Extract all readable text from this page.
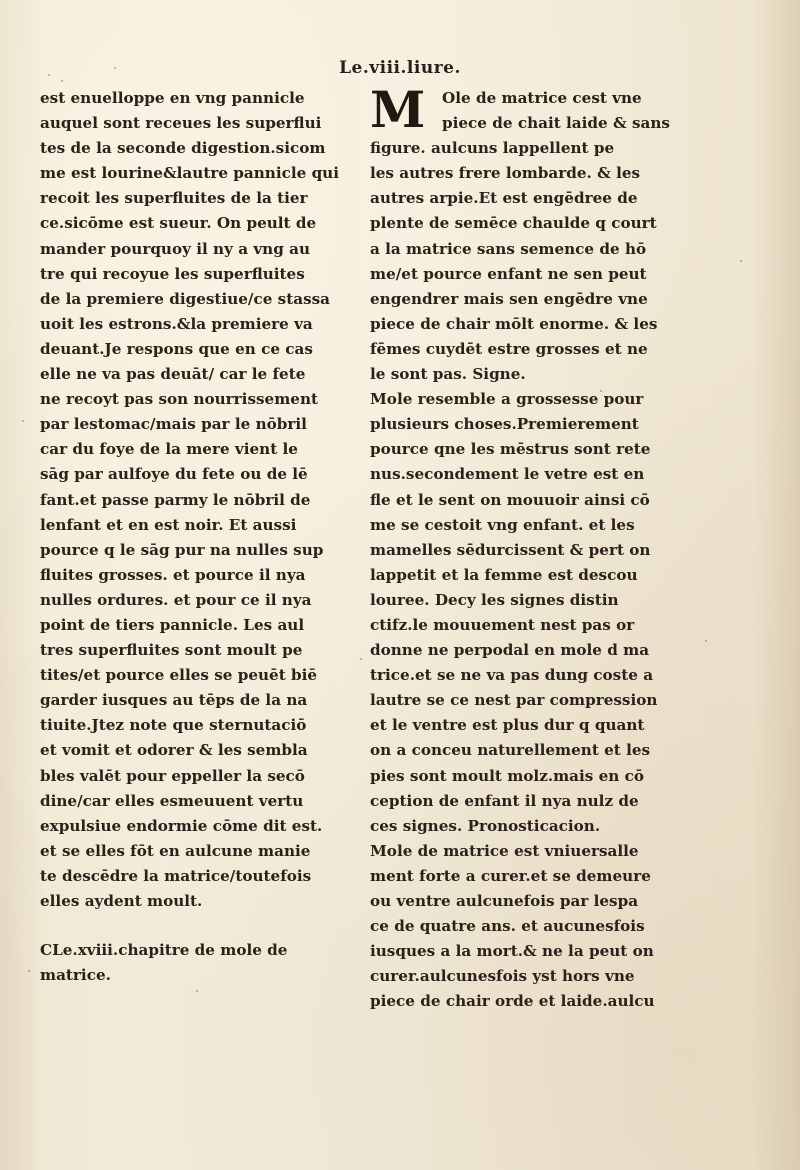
Le.viii.liure.
est enuelloppe en vng pannicle
auquel sont receues les superflui
tes de la seconde digestion.sicom
me est lourine&lautre pannicle qui
recoit les superfluites de la tier
ce.sicōme est sueur. On peult de
mander pourquoy il ny a vng au
tre qui recoyue les superfluites
de la premiere digestiue/ce stassa
uoit les estrons.&la premiere va
deuant.Je respons que en ce cas
elle ne va pas deuāt/ car le fete
ne recoyt pas son nourrissement
par lestomac/mais par le nōbril
car du foye de la mere vient le
sāg par aulfoye du fete ou de lē
fant.et passe parmy le nōbril de
lenfant et en est noir. Et aussi
pource q le sāg pur na nulles sup
fluites grosses. et pource il nya
nulles ordures. et pour ce il nya
point de tiers pannicle. Les aul
tres superfluites sont moult pe
tites/et pource elles se peuēt biē
garder iusques au tēps de la na
tiuite.Jtez note que sternutaciō
et vomit et odorer & les sembla
bles valēt pour eppeller la secō
dine/car elles esmeuuent vertu
expulsiue endormie cōme dit est.
et se elles fōt en aulcune manie
te descēdre la matrice/toutefois
elles aydent moult.
CLe.xviii.chapitre de mole de
matrice.
M	Ole de matrice cest vne
piece de chait laide & sans
figure. aulcuns lappellent pe
les autres frere lombarde. & les
autres arpie.Et est engēdree de
plente de semēce chaulde q court
a la matrice sans semence de hō
me/et pource enfant ne sen peut
engendrer mais sen engēdre vne
piece de chair mōlt enorme. & les
fēmes cuydēt estre grosses et ne
le sont pas. Signe.
Mole resemble a grossesse pour
plusieurs choses.Premierement
pource qne les mēstrus sont rete
nus.secondement le vetre est en
fle et le sent on mouuoir ainsi cō
me se cestoit vng enfant. et les
mamelles sēdurcissent & pert on
lappetit et la femme est descou
louree. Decy les signes distin
ctifz.le mouuement nest pas or
donne ne perpodal en mole d ma
trice.et se ne va pas dung coste a
lautre se ce nest par compression
et le ventre est plus dur q quant
on a conceu naturellement et les
pies sont moult molz.mais en cō
ception de enfant il nya nulz de
ces signes. Pronosticacion.
Mole de matrice est vniuersalle
ment forte a curer.et se demeure
ou ventre aulcunefois par lespa
ce de quatre ans. et aucunesfois
iusques a la mort.& ne la peut on
curer.aulcunesfois yst hors vne
piece de chair orde et laide.aulcu
